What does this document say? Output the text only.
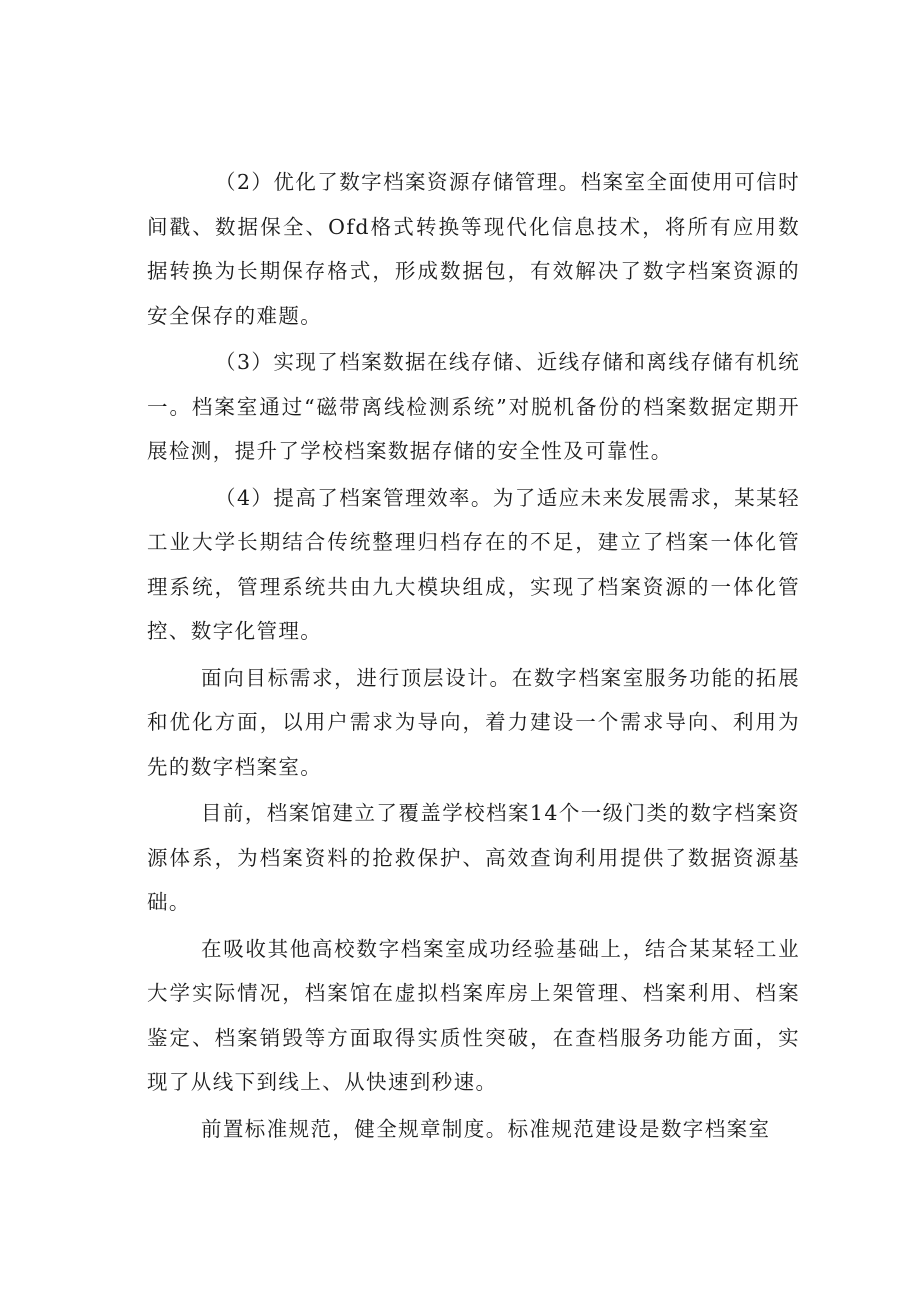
（2）优化了数字档案资源存储管理。档案室全面使用可信时间戳、数据保全、Ofd格式转换等现代化信息技术，将所有应用数据转换为长期保存格式，形成数据包，有效解决了数字档案资源的安全保存的难题。

（3）实现了档案数据在线存储、近线存储和离线存储有机统一。档案室通过“磁带离线检测系统”对脱机备份的档案数据定期开展检测，提升了学校档案数据存储的安全性及可靠性。

（4）提高了档案管理效率。为了适应未来发展需求，某某轻工业大学长期结合传统整理归档存在的不足，建立了档案一体化管理系统，管理系统共由九大模块组成，实现了档案资源的一体化管控、数字化管理。

面向目标需求，进行顶层设计。在数字档案室服务功能的拓展和优化方面，以用户需求为导向，着力建设一个需求导向、利用为先的数字档案室。

目前，档案馆建立了覆盖学校档案14个一级门类的数字档案资源体系，为档案资料的抢救保护、高效查询利用提供了数据资源基础。

在吸收其他高校数字档案室成功经验基础上，结合某某轻工业大学实际情况，档案馆在虚拟档案库房上架管理、档案利用、档案鉴定、档案销毁等方面取得实质性突破，在查档服务功能方面，实现了从线下到线上、从快速到秒速。

前置标准规范，健全规章制度。标准规范建设是数字档案室
